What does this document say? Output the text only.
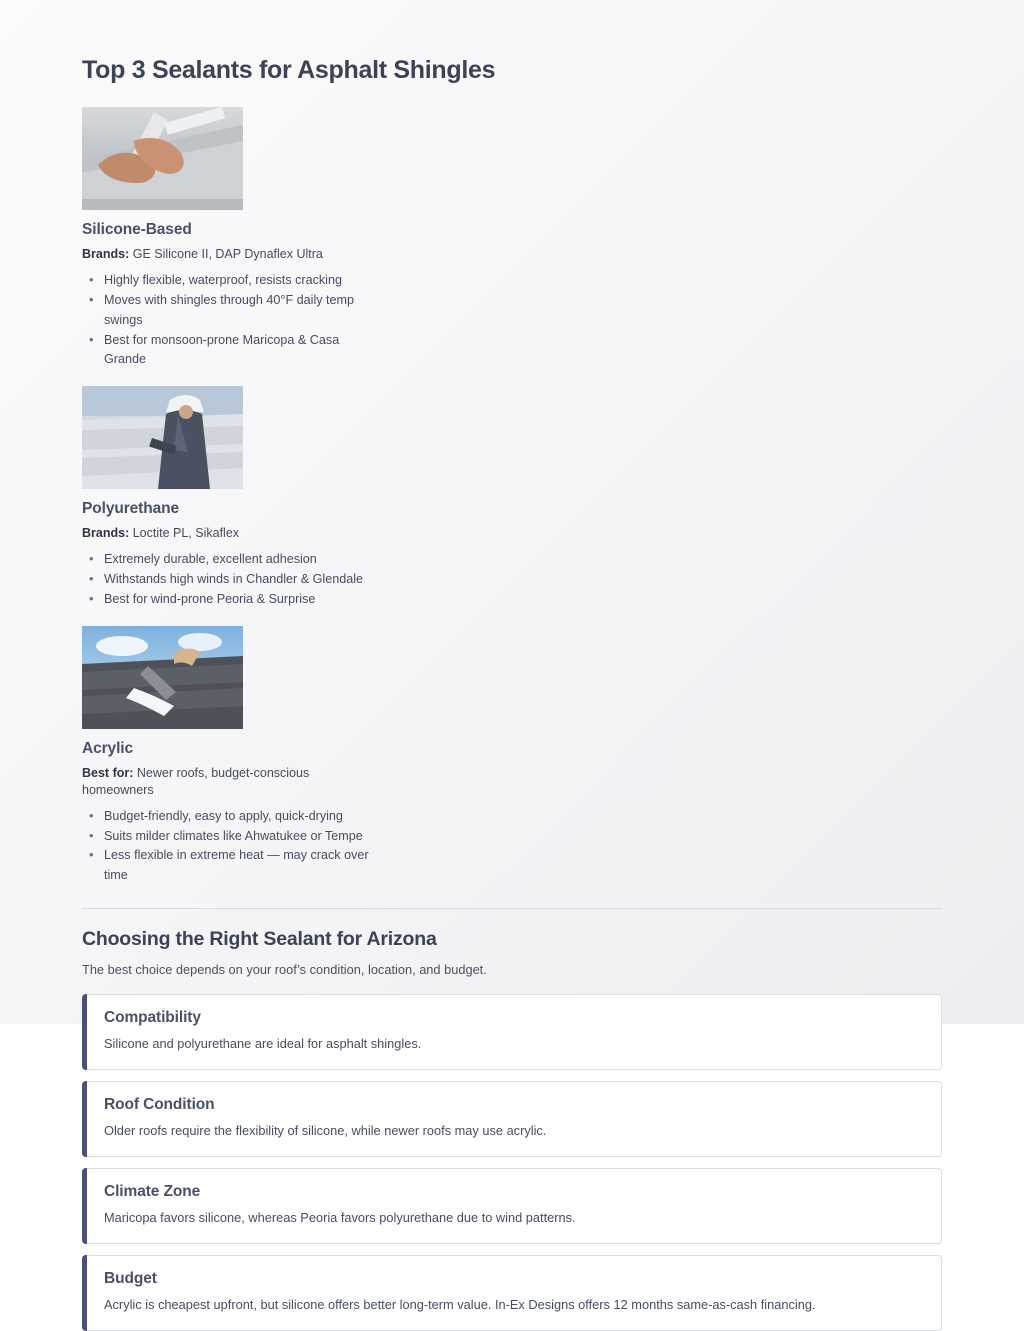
Top 3 Sealants for Asphalt Shingles
Silicone-Based
Brands: GE Silicone II, DAP Dynaflex Ultra
• Highly flexible, waterproof, resists cracking
• Moves with shingles through 40°F daily temp swings
• Best for monsoon-prone Maricopa & Casa Grande
Polyurethane
Brands: Loctite PL, Sikaflex
• Extremely durable, excellent adhesion
• Withstands high winds in Chandler & Glendale
• Best for wind-prone Peoria & Surprise
Acrylic
Best for: Newer roofs, budget-conscious homeowners
• Budget-friendly, easy to apply, quick-drying
• Suits milder climates like Ahwatukee or Tempe
• Less flexible in extreme heat — may crack over time
Choosing the Right Sealant for Arizona
The best choice depends on your roof’s condition, location, and budget.
Compatibility

Silicone and polyurethane are ideal for asphalt shingles.

Roof Condition

Older roofs require the flexibility of silicone, while newer roofs may use acrylic.

Climate Zone

Maricopa favors silicone, whereas Peoria favors polyurethane due to wind patterns.

Budget

Acrylic is cheapest upfront, but silicone offers better long-term value. In-Ex Designs offers 12 months same-as-cash financing.
